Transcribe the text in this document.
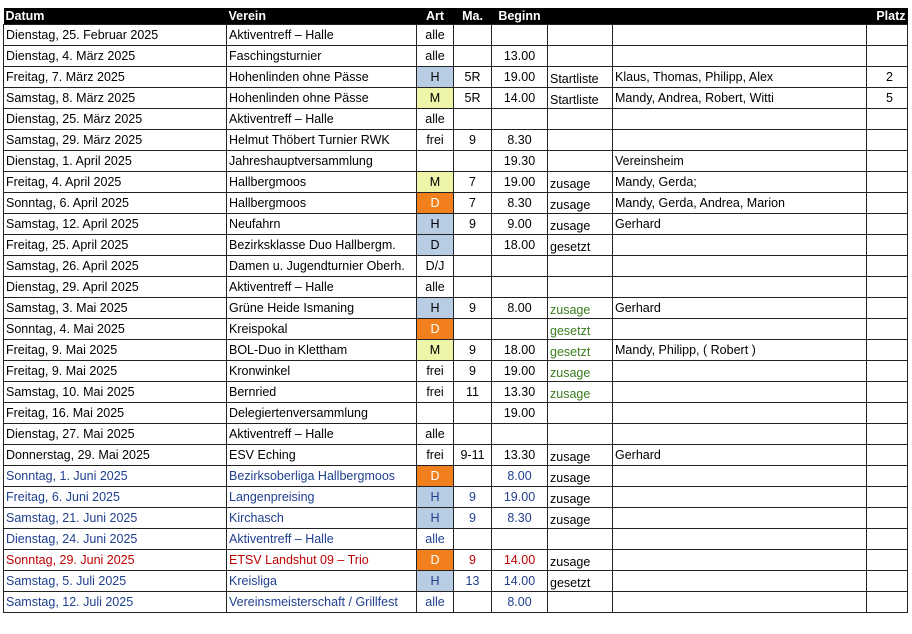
Datum	Verein	Art	Ma.	Beginn			Platz
Dienstag, 25. Februar 2025	Aktiventreff – Halle	alle					
Dienstag, 4. März 2025	Faschingsturnier	alle		13.00			
Freitag, 7. März 2025	Hohenlinden ohne Pässe	H	5R	19.00	Startliste	Klaus, Thomas, Philipp, Alex	2
Samstag, 8. März 2025	Hohenlinden ohne Pässe	M	5R	14.00	Startliste	Mandy, Andrea, Robert, Witti	5
Dienstag, 25. März 2025	Aktiventreff – Halle	alle					
Samstag, 29. März 2025	Helmut Thöbert Turnier RWK	frei	9	8.30			
Dienstag, 1. April 2025	Jahreshauptversammlung			19.30		Vereinsheim	
Freitag, 4. April 2025	Hallbergmoos	M	7	19.00	zusage	Mandy, Gerda;	
Sonntag, 6. April 2025	Hallbergmoos	D	7	8.30	zusage	Mandy, Gerda, Andrea, Marion	
Samstag, 12. April 2025	Neufahrn	H	9	9.00	zusage	Gerhard	
Freitag, 25. April 2025	Bezirksklasse Duo Hallbergm.	D		18.00	gesetzt		
Samstag, 26. April 2025	Damen u. Jugendturnier Oberh.	D/J					
Dienstag, 29. April 2025	Aktiventreff – Halle	alle					
Samstag, 3. Mai 2025	Grüne Heide Ismaning	H	9	8.00	zusage	Gerhard	
Sonntag, 4. Mai 2025	Kreispokal	D			gesetzt		
Freitag, 9. Mai 2025	BOL-Duo in Klettham	M	9	18.00	gesetzt	Mandy, Philipp, ( Robert )	
Freitag, 9. Mai 2025	Kronwinkel	frei	9	19.00	zusage		
Samstag, 10. Mai 2025	Bernried	frei	11	13.30	zusage		
Freitag, 16. Mai 2025	Delegiertenversammlung			19.00			
Dienstag, 27. Mai 2025	Aktiventreff – Halle	alle					
Donnerstag, 29. Mai 2025	ESV Eching	frei	9-11	13.30	zusage	Gerhard	
Sonntag, 1. Juni 2025	Bezirksoberliga Hallbergmoos	D		8.00	zusage		
Freitag, 6. Juni 2025	Langenpreising	H	9	19.00	zusage		
Samstag, 21. Juni 2025	Kirchasch	H	9	8.30	zusage		
Dienstag, 24. Juni 2025	Aktiventreff – Halle	alle					
Sonntag, 29. Juni 2025	ETSV Landshut 09 – Trio	D	9	14.00	zusage		
Samstag, 5. Juli 2025	Kreisliga	H	13	14.00	gesetzt		
Samstag, 12. Juli 2025	Vereinsmeisterschaft / Grillfest	alle		8.00			
